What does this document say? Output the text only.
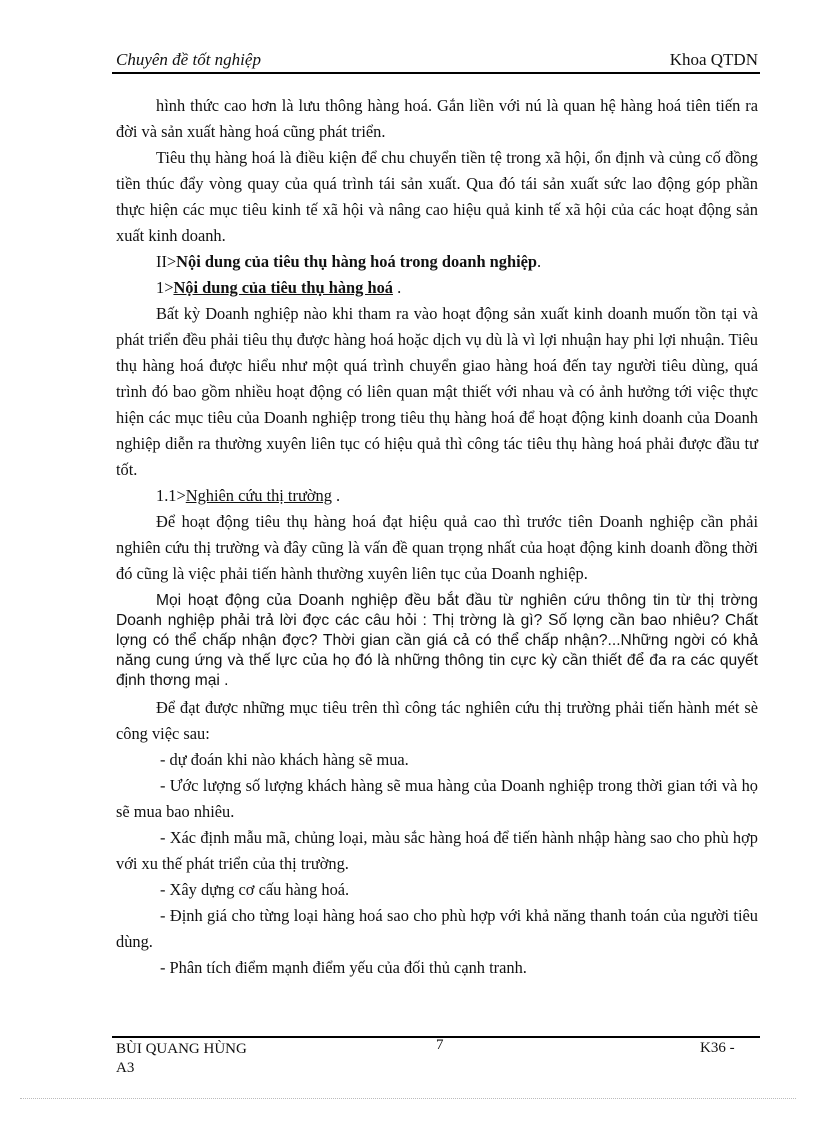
Chuyên đề tốt nghiệp	Khoa QTDN

hình thức cao hơn là lưu thông hàng hoá. Gắn liền với nú là quan hệ hàng hoá tiên tiến ra đời và sản xuất hàng hoá cũng phát triển.

Tiêu thụ hàng hoá là điều kiện để chu chuyển tiền tệ trong xã hội, ổn định và củng cố đồng tiền thúc đẩy vòng quay của quá trình tái sản xuất. Qua đó tái sản xuất sức lao động góp phần thực hiện các mục tiêu kinh tế xã hội và nâng cao hiệu quả kinh tế xã hội của các hoạt động sản xuất kinh doanh.

II>Nội dung của tiêu thụ hàng hoá trong doanh nghiệp.

1>Nội dung của tiêu thụ hàng hoá .

Bất kỳ Doanh nghiệp nào khi tham ra vào hoạt động sản xuất kinh doanh muốn tồn tại và phát triển đều phải tiêu thụ được hàng hoá hoặc dịch vụ dù là vì lợi nhuận hay phi lợi nhuận. Tiêu thụ hàng hoá được hiểu như một quá trình chuyển giao hàng hoá đến tay người tiêu dùng, quá trình đó bao gồm nhiều hoạt động có liên quan mật thiết với nhau và có ảnh hưởng tới việc thực hiện các mục tiêu của Doanh nghiệp trong tiêu thụ hàng hoá để hoạt động kinh doanh của Doanh nghiệp diễn ra thường xuyên liên tục có hiệu quả thì công tác tiêu thụ hàng hoá phải được đầu tư tốt.

1.1>Nghiên cứu thị trường .

Để hoạt động tiêu thụ hàng hoá đạt hiệu quả cao thì trước tiên Doanh nghiệp cần phải nghiên cứu thị trường và đây cũng là vấn đề quan trọng nhất của hoạt động kinh doanh đồng thời đó cũng là việc phải tiến hành thường xuyên liên tục của Doanh nghiệp.

Mọi hoạt động của Doanh nghiệp đều bắt đầu từ nghiên cứu thông tin từ thị trờng Doanh nghiệp phải trả lời đợc các câu hỏi : Thị trờng là gì? Số lợng cần bao nhiêu? Chất lợng có thể chấp nhận đợc? Thời gian cần giá cả có thể chấp nhận?...Những ngời có khả năng cung ứng và thế lực của họ đó là những thông tin cực kỳ cần thiết để đa ra các quyết định thơng mại .

Để đạt được những mục tiêu trên thì công tác nghiên cứu thị trường phải tiến hành mét sè công việc sau:

- dự đoán khi nào khách hàng sẽ mua.

- Ước lượng số lượng khách hàng sẽ mua hàng của Doanh nghiệp trong thời gian tới và họ sẽ mua bao nhiêu.

- Xác định mẫu mã, chủng loại, màu sắc hàng hoá để tiến hành nhập hàng sao cho phù hợp với xu thế phát triển của thị trường.

- Xây dựng cơ cấu hàng hoá.

- Định giá cho từng loại hàng hoá sao cho phù hợp với khả năng thanh toán của người tiêu dùng.

- Phân tích điểm mạnh điểm yếu của đối thủ cạnh tranh.

BÙI QUANG HÙNG
A3
7	K36 -
